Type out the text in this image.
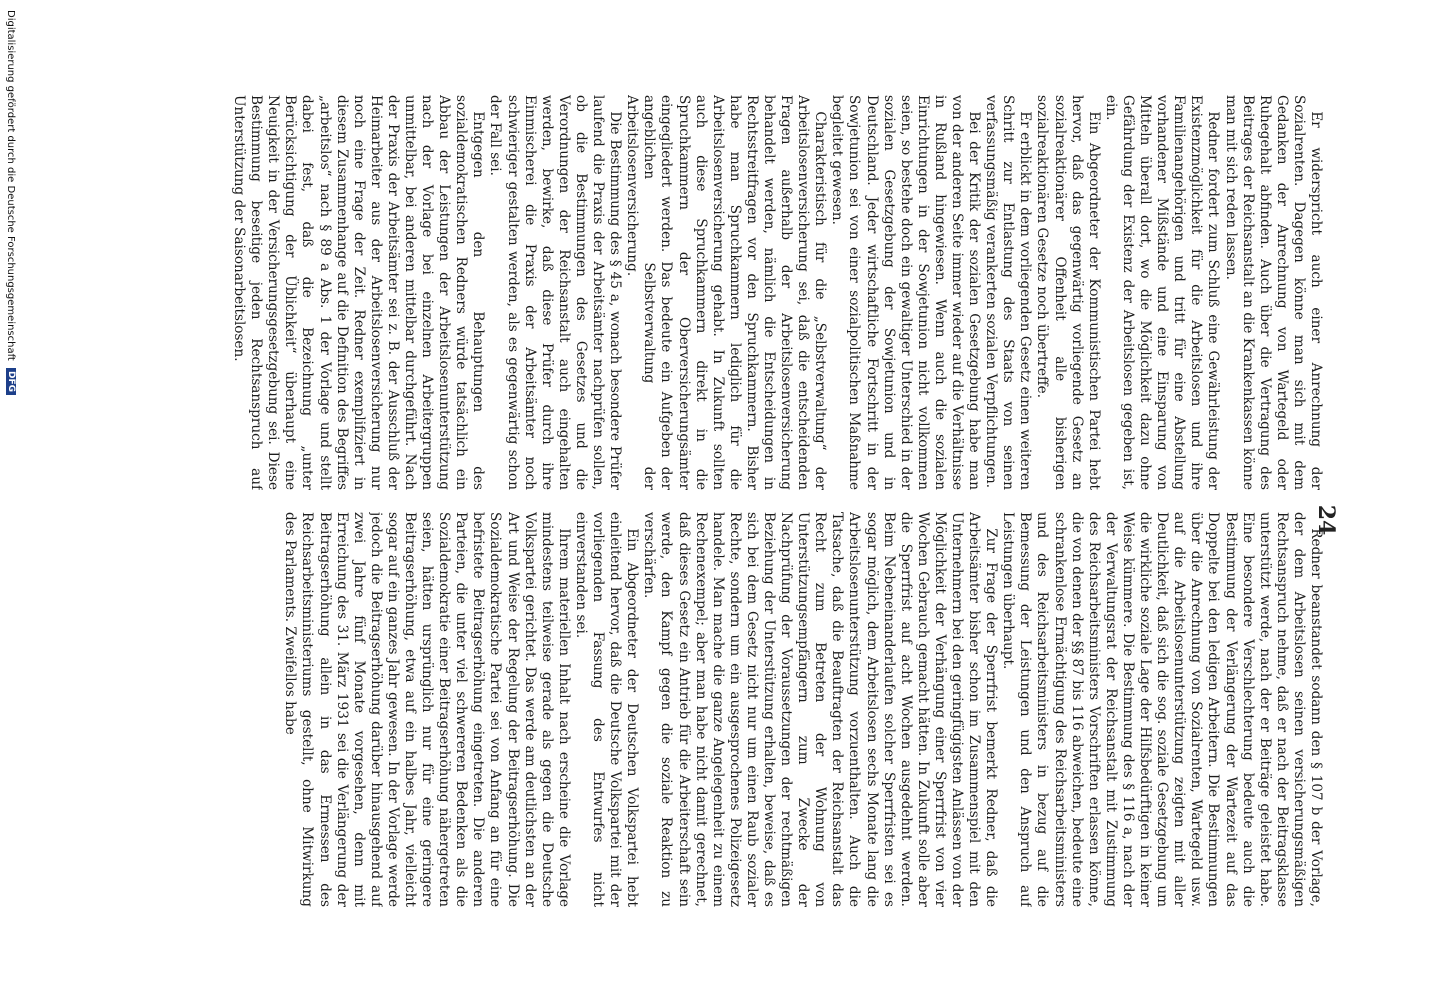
24

Er widerspricht auch einer Anrechnung der Sozialrenten. Dagegen könne man sich mit dem Gedanken der Anrechnung von Wartegeld oder Ruhegehalt abfinden. Auch über die Vertragung des Beitrages der Reichsanstalt an die Krankenkassen könne man mit sich reden lassen.

Redner fordert zum Schluß eine Gewährleistung der Existenzmöglichkeit für die Arbeitslosen und ihre Familienangehörigen und tritt für eine Abstellung vorhandener Mißstände und eine Einsparung von Mitteln überall dort, wo die Möglichkeit dazu ohne Gefährdung der Existenz der Arbeitslosen gegeben ist, ein.

Ein Abgeordneter der Kommunistischen Partei hebt hervor, daß das gegenwärtig vorliegende Gesetz an sozialreaktionärer Offenheit alle bisherigen sozialreaktionären Gesetze noch übertreffe.

Er erblickt in dem vorliegenden Gesetz einen weiteren Schritt zur Entlastung des Staats von seinen verfassungsmäßig verankerten sozialen Verpflichtungen.

Bei der Kritik der sozialen Gesetzgebung habe man von der anderen Seite immer wieder auf die Verhältnisse in Rußland hingewiesen. Wenn auch die sozialen Einrichtungen in der Sowjetunion nicht vollkommen seien, so bestehe doch ein gewaltiger Unterschied in der sozialen Gesetzgebung der Sowjetunion und in Deutschland. Jeder wirtschaftliche Fortschritt in der Sowjetunion sei von einer sozialpolitischen Maßnahme begleitet gewesen.

Charakteristisch für die „Selbstverwaltung“ der Arbeitslosenversicherung sei, daß die entscheidenden Fragen außerhalb der Arbeitslosenversicherung behandelt werden, nämlich die Entscheidungen in Rechtsstreitfragen vor den Spruchkammern. Bisher habe man Spruchkammern lediglich für die Arbeitslosenversicherung gehabt. In Zukunft sollten auch diese Spruchkammern direkt in die Spruchkammern der Oberversicherungsämter eingegliedert werden. Das bedeute ein Aufgeben der angeblichen Selbstverwaltung der Arbeitslosenversicherung.

Die Bestimmung des § 45 a, wonach besondere Prüfer laufend die Praxis der Arbeitsämter nachprüfen sollen, ob die Bestimmungen des Gesetzes und die Verordnungen der Reichsanstalt auch eingehalten werden, bewirke, daß diese Prüfer durch ihre Einmischerei die Praxis der Arbeitsämter noch schwieriger gestalten werden, als es gegenwärtig schon der Fall sei.

Entgegen den Behauptungen des sozialdemokratischen Redners würde tatsächlich ein Abbau der Leistungen der Arbeitslosenunterstützung nach der Vorlage bei einzelnen Arbeitergruppen unmittelbar, bei anderen mittelbar durchgeführt. Nach der Praxis der Arbeitsämter sei z. B. der Ausschluß der Heimarbeiter aus der Arbeitslosenversicherung nur noch eine Frage der Zeit. Redner exemplifiziert in diesem Zusammenhange auf die Definition des Begriffes „arbeitslos“ nach § 89 a Abs. 1 der Vorlage und stellt dabei fest, daß die Bezeichnung „unter Berücksichtigung der Üblichkeit“ überhaupt eine Neuigkeit in der Versicherungsgesetzgebung sei. Diese Bestimmung beseitige jeden Rechtsanspruch auf Unterstützung der Saisonarbeitslosen.

Redner beanstandet sodann den § 107 b der Vorlage, der dem Arbeitslosen seinen versicherungsmäßigen Rechtsanspruch nehme, daß er nach der Beitragsklasse unterstützt werde, nach der er Beiträge geleistet habe. Eine besondere Verschlechterung bedeute auch die Bestimmung der Verlängerung der Wartezeit auf das Doppelte bei den ledigen Arbeitern. Die Bestimmungen über die Anrechnung von Sozialrenten, Wartegeld usw. auf die Arbeitslosenunterstützung zeigten mit aller Deutlichkeit, daß sich die sog. soziale Gesetzgebung um die wirkliche soziale Lage der Hilfsbedürftigen in keiner Weise kümmere. Die Bestimmung des § 116 a, nach der der Verwaltungsrat der Reichsanstalt mit Zustimmung des Reichsarbeitsministers Vorschriften erlassen könne, die von denen der §§ 87 bis 116 abweichen, bedeute eine schrankenlose Ermächtigung des Reichsarbeitsministers und des Reichsarbeitsministers in bezug auf die Bemessung der Leistungen und den Anspruch auf Leistungen überhaupt.

Zur Frage der Sperrfrist bemerkt Redner, daß die Arbeitsämter bisher schon im Zusammenspiel mit den Unternehmern bei den geringfügigsten Anlässen von der Möglichkeit der Verhängung einer Sperrfrist von vier Wochen Gebrauch gemacht hätten. In Zukunft solle aber die Sperrfrist auf acht Wochen ausgedehnt werden. Beim Nebeneinanderlaufen solcher Sperrfristen sei es sogar möglich, dem Arbeitslosen sechs Monate lang die Arbeitslosenunterstützung vorzuenthalten. Auch die Tatsache, daß die Beauftragten der Reichsanstalt das Recht zum Betreten der Wohnung von Unterstützungsempfängern zum Zwecke der Nachprüfung der Voraussetzungen der rechtmäßigen Beziehung der Unterstützung erhalten, beweise, daß es sich bei dem Gesetz nicht nur um einen Raub sozialer Rechte, sondern um ein ausgesprochenes Polizeigesetz handele. Man mache die ganze Angelegenheit zu einem Rechenexempel; aber man habe nicht damit gerechnet, daß dieses Gesetz ein Antrieb für die Arbeiterschaft sein werde, den Kampf gegen die soziale Reaktion zu verschärfen.

Ein Abgeordneter der Deutschen Volkspartei hebt einleitend hervor, daß die Deutsche Volkspartei mit der vorliegenden Fassung des Entwurfes nicht einverstanden sei.

Ihrem materiellen Inhalt nach erscheine die Vorlage mindestens teilweise gerade als gegen die Deutsche Volkspartei gerichtet. Das werde am deutlichsten an der Art und Weise der Regelung der Beitragserhöhung. Die Sozialdemokratische Partei sei von Anfang an für eine befristete Beitragserhöhung eingetreten. Die anderen Parteien, die unter viel schwereren Bedenken als die Sozialdemokratie einer Beitragserhöhung nähergetreten seien, hätten ursprünglich nur für eine geringere Beitragserhöhung, etwa auf ein halbes Jahr, vielleicht sogar auf ein ganzes Jahr gewesen. In der Vorlage werde jedoch die Beitragserhöhung darüber hinausgehend auf zwei Jahre fünf Monate vorgesehen, denn mit Erreichung des 31. März 1931 sei die Verlängerung der Beitragserhöhung allein in das Ermessen des Reichsarbeitsministeriums gestellt, ohne Mitwirkung des Parlaments. Zweifellos habe

Digitalisierung gefördert durch die Deutsche Forschungsgemeinschaft DFG
